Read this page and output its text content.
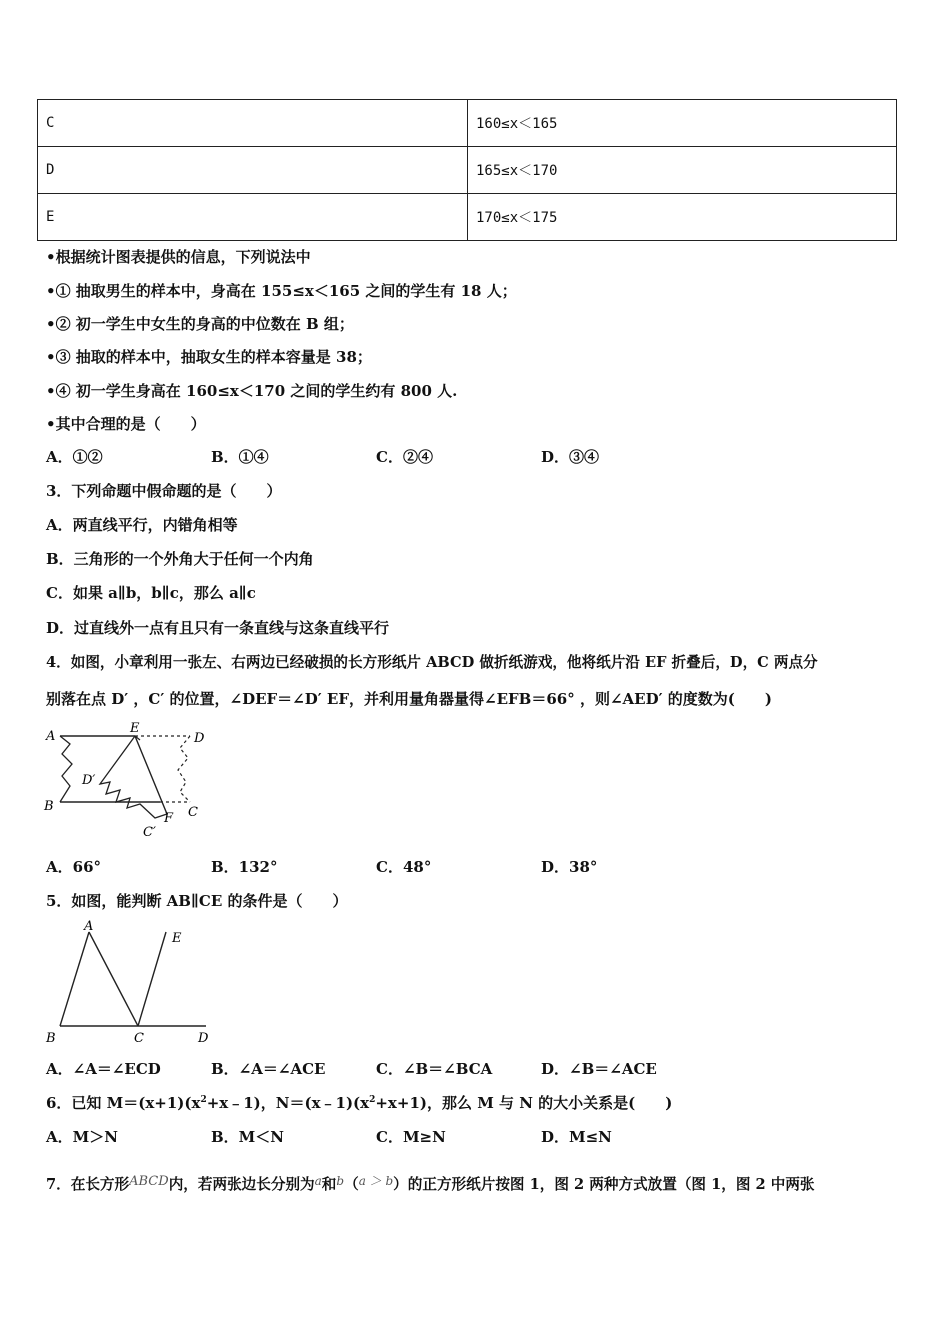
C	160≤x＜165
D	165≤x＜170
E	170≤x＜175
•根据统计图表提供的信息，下列说法中
•① 抽取男生的样本中，身高在 155≤x＜165 之间的学生有 18 人；
•② 初一学生中女生的身高的中位数在 B 组；
•③ 抽取的样本中，抽取女生的样本容量是 38；
•④ 初一学生身高在 160≤x＜170 之间的学生约有 800 人.
•其中合理的是（　　）
A．①②	B．①④	C．②④	D．③④
3．下列命题中假命题的是（　　）
A．两直线平行，内错角相等
B．三角形的一个外角大于任何一个内角
C．如果 a∥b，b∥c，那么 a∥c
D．过直线外一点有且只有一条直线与这条直线平行
4．如图，小章利用一张左、右两边已经破损的长方形纸片 ABCD 做折纸游戏，他将纸片沿 EF 折叠后，D，C 两点分
别落在点 D′ ，C′ 的位置，∠DEF＝∠D′ EF，并利用量角器量得∠EFB＝66° ，则∠AED′ 的度数为(　　)
A
E
D
D′
B
F C
C′
A．66°	B．132°	C．48°	D．38°
5．如图，能判断 AB∥CE 的条件是（　　）
A
E
B	C	D
A．∠A＝∠ECD	B．∠A＝∠ACE	C．∠B＝∠BCA	D．∠B＝∠ACE
6．已知 $M=(x+1)(x^2+x﹣1)$，$N=(x﹣1)(x^2+x+1)$，那么 M 与 N 的大小关系是(　　)
A．M＞N	B．M＜N	C．M≥N	D．M≤N
7．在长方形ABCD内，若两张边长分别为$^a$和$^b$（$^{a > b}$）的正方形纸片按图 1，图 2 两种方式放置（图 1，图 2 中两张
